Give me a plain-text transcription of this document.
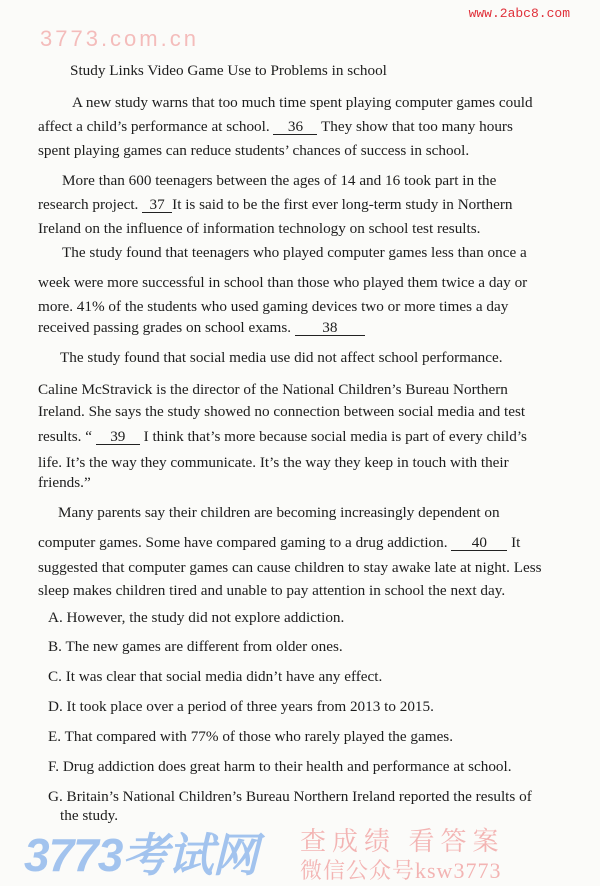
www.2abc8.com
Study Links Video Game Use to Problems in school
A new study warns that too much time spent playing computer games could
affect a child’s performance at school. 36 They show that too many hours
spent playing games can reduce students’ chances of success in school.
More than 600 teenagers between the ages of 14 and 16 took part in the
research project. 37 It is said to be the first ever long-term study in Northern
Ireland on the influence of information technology on school test results.
The study found that teenagers who played computer games less than once a
week were more successful in school than those who played them twice a day or
more. 41% of the students who used gaming devices two or more times a day
received passing grades on school exams. 38
The study found that social media use did not affect school performance.
Caline McStravick is the director of the National Children’s Bureau Northern
Ireland. She says the study showed no connection between social media and test
results. “ 39 I think that’s more because social media is part of every child’s
life. It’s the way they communicate. It’s the way they keep in touch with their
friends.”
Many parents say their children are becoming increasingly dependent on
computer games. Some have compared gaming to a drug addiction. 40 It
suggested that computer games can cause children to stay awake late at night. Less
sleep makes children tired and unable to pay attention in school the next day.
A. However, the study did not explore addiction.
B. The new games are different from older ones.
C. It was clear that social media didn’t have any effect.
D. It took place over a period of three years from 2013 to 2015.
E. That compared with 77% of those who rarely played the games.
F. Drug addiction does great harm to their health and performance at school.
G. Britain’s National Children’s Bureau Northern Ireland reported the results of
the study.
3773考试网
3773.com.cn
查成绩 看答案
微信公众号ksw3773
